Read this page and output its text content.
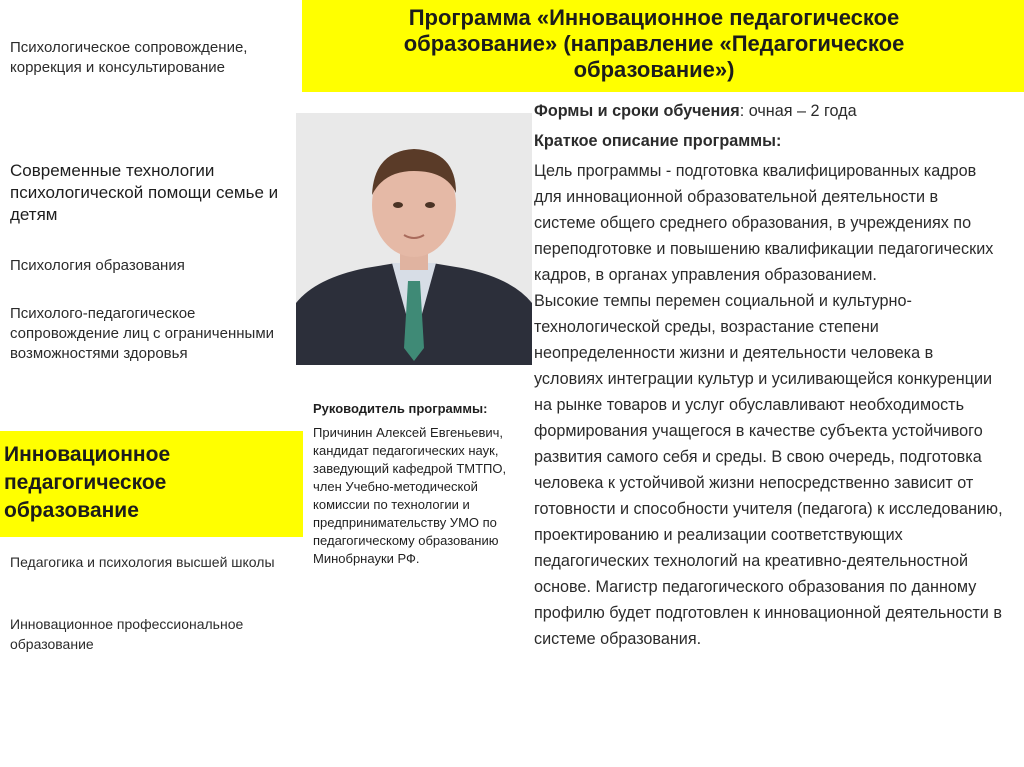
Психологическое сопровождение, коррекция и консультирование
Современные технологии психологической помощи семье и детям
Психология образования
Психолого-педагогическое сопровождение лиц с ограниченными возможностями здоровья
Педагогика и психология высшей школы
Инновационное профессиональное образование
Инновационное педагогическое образование
Программа «Инновационное педагогическое образование» (направление «Педагогическое образование»)
Руководитель программы:
Причинин Алексей Евгеньевич, кандидат педагогических наук, заведующий кафедрой ТМТПО, член Учебно-методической комиссии по технологии и предпринимательству УМО по педагогическому образованию Минобрнауки РФ.

Формы и сроки обучения: очная – 2 года

Краткое описание программы:

Цель программы - подготовка квалифицированных кадров для инновационной образовательной деятельности в системе общего среднего образования, в учреждениях по переподготовке и повышению квалификации педагогических кадров, в органах управления образованием.

Высокие темпы перемен социальной и культурно-технологической среды, возрастание степени неопределенности жизни и деятельности человека в условиях интеграции культур и усиливающейся конкуренции на рынке товаров и услуг обуславливают необходимость формирования учащегося в качестве субъекта устойчивого развития самого себя и среды. В свою очередь, подготовка человека к устойчивой жизни непосредственно зависит от готовности и способности учителя (педагога) к исследованию, проектированию и реализации соответствующих педагогических технологий на креативно-деятельностной основе. Магистр педагогического образования по данному профилю будет подготовлен к инновационной деятельности в системе образования.
